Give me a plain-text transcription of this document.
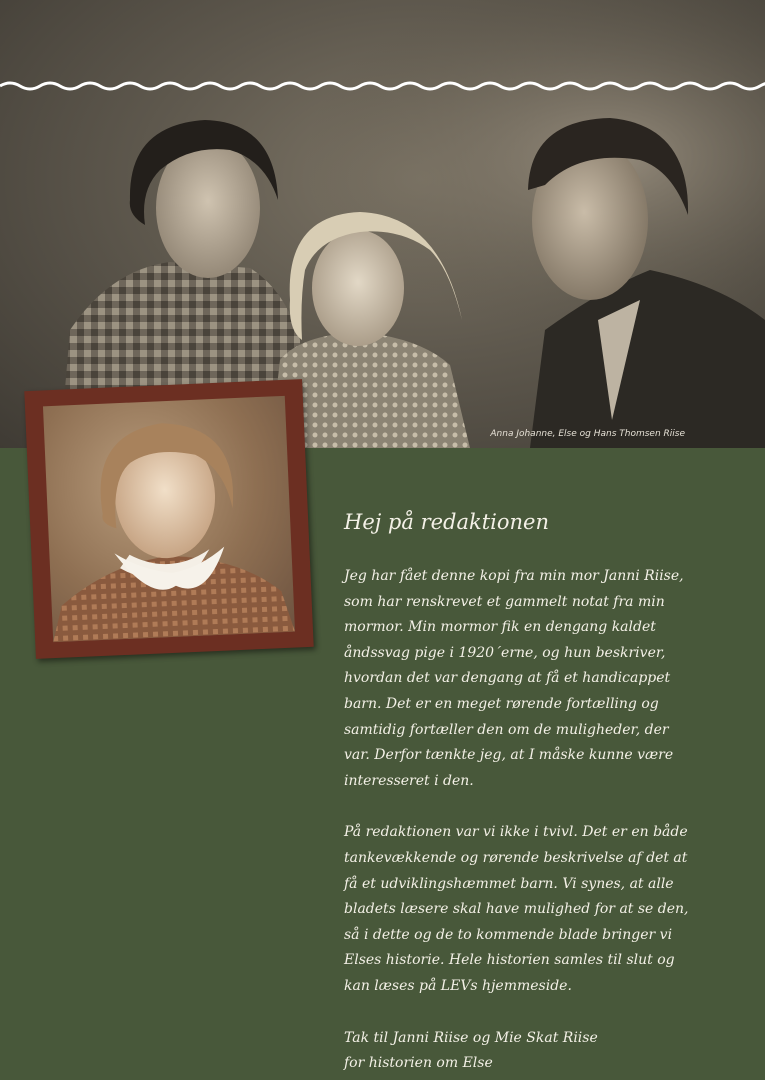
Anna Johanne, Else og Hans Thomsen Riise
Hej på redaktionen

Jeg har fået denne kopi fra min mor Janni Riise, som har renskrevet et gammelt notat fra min mormor. Min mormor fik en dengang kaldet åndssvag pige i 1920´erne, og hun beskriver, hvordan det var dengang at få et handicappet barn. Det er en meget rørende fortælling og samtidig fortæller den om de muligheder, der var. Derfor tænkte jeg, at I måske kunne være interesseret i den.

På redaktionen var vi ikke i tvivl. Det er en både tankevækkende og rørende beskrivelse af det at få et udviklingshæmmet barn. Vi synes, at alle bladets læsere skal have mulighed for at se den, så i dette og de to kommende blade bringer vi Elses historie. Hele historien samles til slut og kan læses på LEVs hjemmeside.

Tak til Janni Riise og Mie Skat Riise
for historien om Else
